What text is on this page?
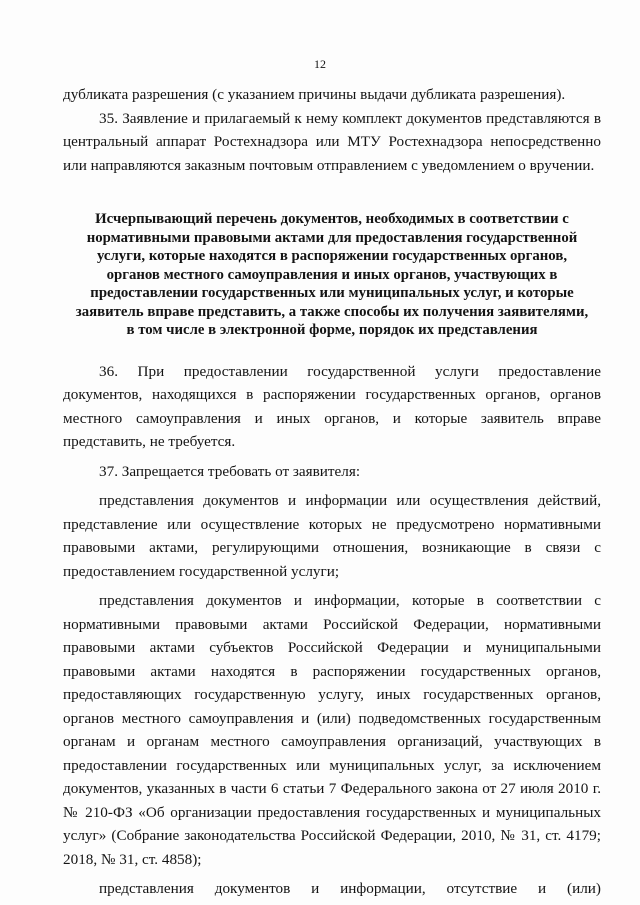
12

дубликата разрешения (с указанием причины выдачи дубликата разрешения).

35. Заявление и прилагаемый к нему комплект документов представляются в центральный аппарат Ростехнадзора или МТУ Ростехнадзора непосредственно или направляются заказным почтовым отправлением с уведомлением о вручении.

Исчерпывающий перечень документов, необходимых в соответствии с нормативными правовыми актами для предоставления государственной услуги, которые находятся в распоряжении государственных органов, органов местного самоуправления и иных органов, участвующих в предоставлении государственных или муниципальных услуг, и которые заявитель вправе представить, а также способы их получения заявителями, в том числе в электронной форме, порядок их представления

36. При предоставлении государственной услуги предоставление документов, находящихся в распоряжении государственных органов, органов местного самоуправления и иных органов, и которые заявитель вправе представить, не требуется.

37. Запрещается требовать от заявителя:

представления документов и информации или осуществления действий, представление или осуществление которых не предусмотрено нормативными правовыми актами, регулирующими отношения, возникающие в связи с предоставлением государственной услуги;

представления документов и информации, которые в соответствии с нормативными правовыми актами Российской Федерации, нормативными правовыми актами субъектов Российской Федерации и муниципальными правовыми актами находятся в распоряжении государственных органов, предоставляющих государственную услугу, иных государственных органов, органов местного самоуправления и (или) подведомственных государственным органам и органам местного самоуправления организаций, участвующих в предоставлении государственных или муниципальных услуг, за исключением документов, указанных в части 6 статьи 7 Федерального закона от 27 июля 2010 г. № 210-ФЗ «Об организации предоставления государственных и муниципальных услуг» (Собрание законодательства Российской Федерации, 2010, № 31, ст. 4179; 2018, № 31, ст. 4858);

представления документов и информации, отсутствие и (или)
